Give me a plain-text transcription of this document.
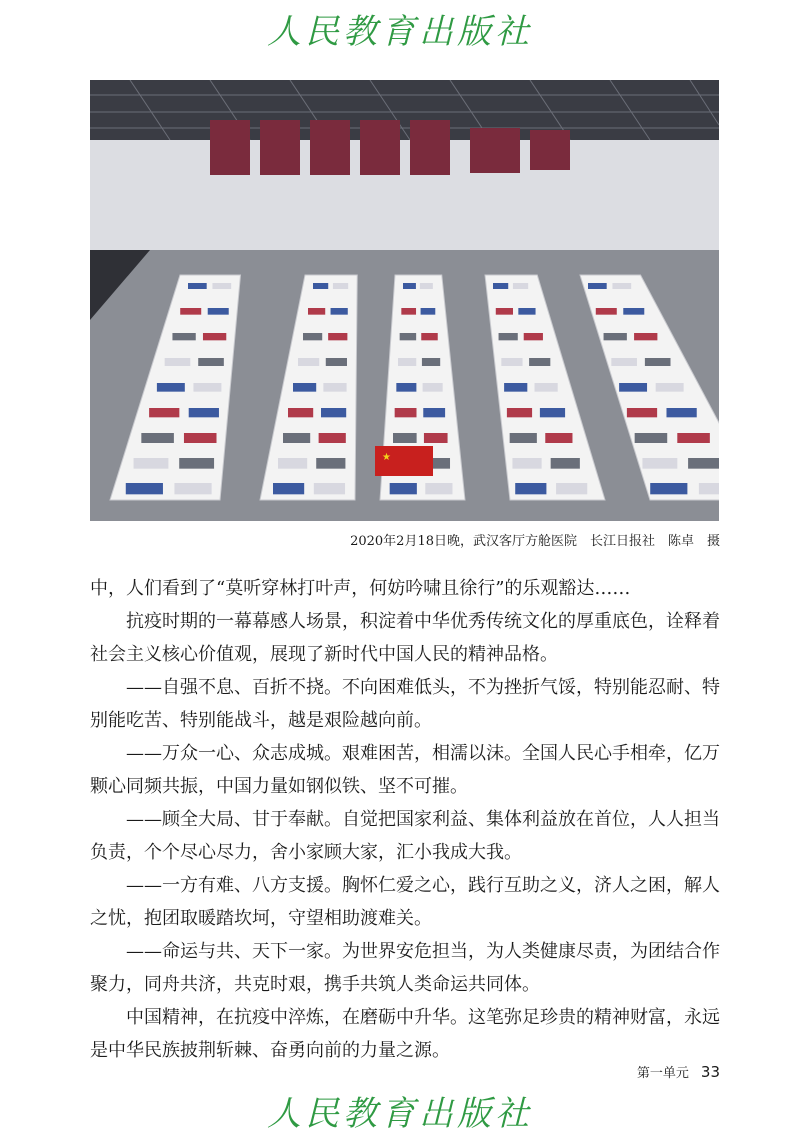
人民教育出版社
★
2020年2月18日晚，武汉客厅方舱医院　长江日报社　陈卓　摄

中，人们看到了“莫听穿林打叶声，何妨吟啸且徐行”的乐观豁达……

抗疫时期的一幕幕感人场景，积淀着中华优秀传统文化的厚重底色，诠释着社会主义核心价值观，展现了新时代中国人民的精神品格。

——自强不息、百折不挠。不向困难低头，不为挫折气馁，特别能忍耐、特别能吃苦、特别能战斗，越是艰险越向前。

——万众一心、众志成城。艰难困苦，相濡以沫。全国人民心手相牵，亿万颗心同频共振，中国力量如钢似铁、坚不可摧。

——顾全大局、甘于奉献。自觉把国家利益、集体利益放在首位，人人担当负责，个个尽心尽力，舍小家顾大家，汇小我成大我。

——一方有难、八方支援。胸怀仁爱之心，践行互助之义，济人之困，解人之忧，抱团取暖踏坎坷，守望相助渡难关。

——命运与共、天下一家。为世界安危担当，为人类健康尽责，为团结合作聚力，同舟共济，共克时艰，携手共筑人类命运共同体。

中国精神，在抗疫中淬炼，在磨砺中升华。这笔弥足珍贵的精神财富，永远是中华民族披荆斩棘、奋勇向前的力量之源。

第一单元 33
人民教育出版社
